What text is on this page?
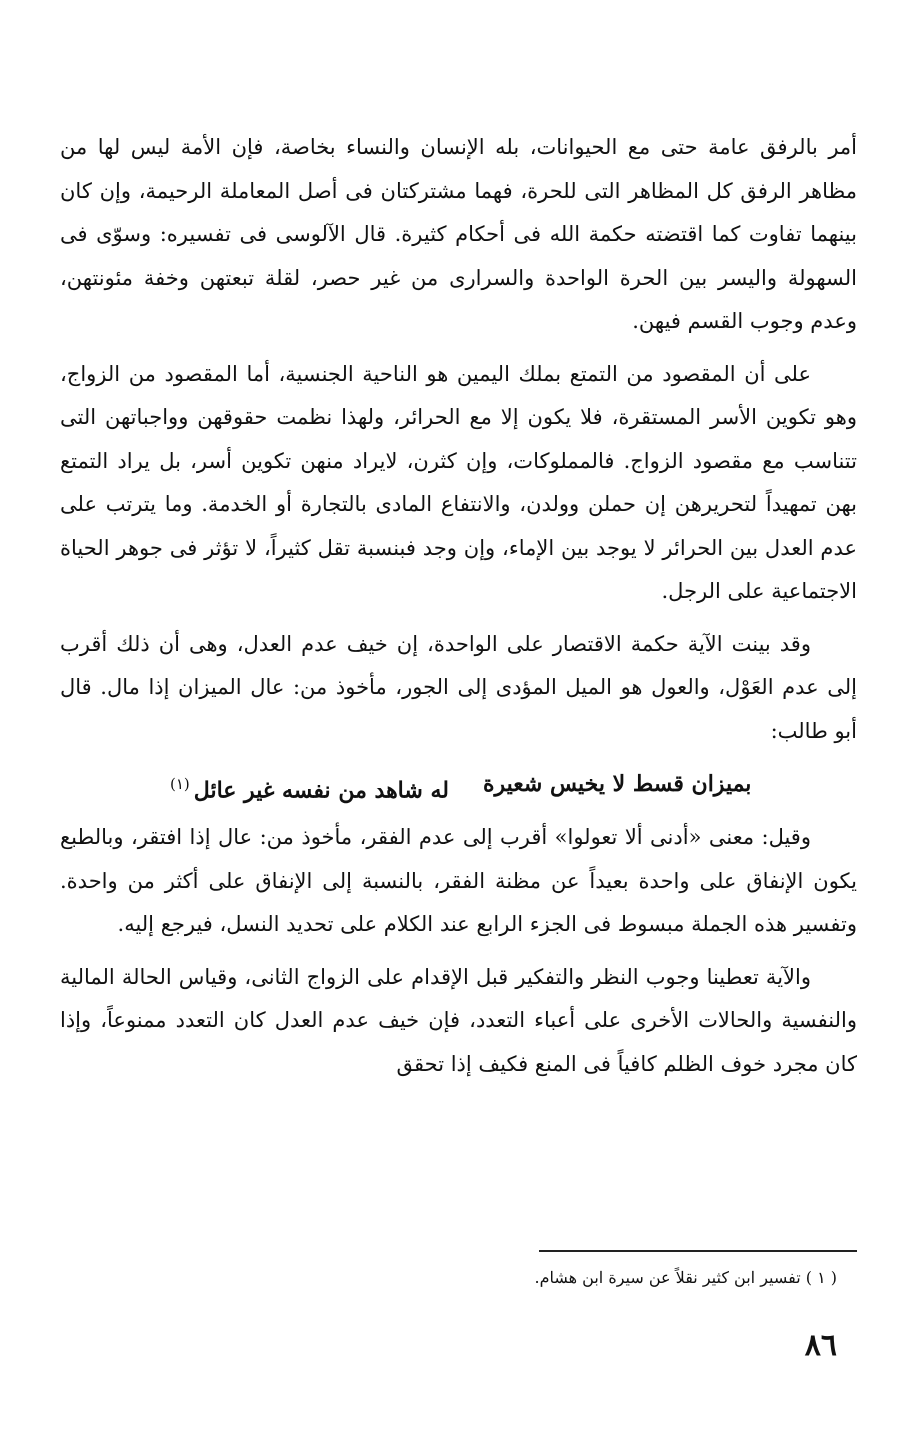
أمر بالرفق عامة حتى مع الحيوانات، بله الإنسان والنساء بخاصة، فإن الأمة ليس لها من مظاهر الرفق كل المظاهر التى للحرة، فهما مشتركتان فى أصل المعاملة الرحيمة، وإن كان بينهما تفاوت كما اقتضته حكمة الله فى أحكام كثيرة. قال الآلوسى فى تفسيره: وسوّى فى السهولة واليسر بين الحرة الواحدة والسرارى من غير حصر، لقلة تبعتهن وخفة مئونتهن، وعدم وجوب القسم فيهن.

على أن المقصود من التمتع بملك اليمين هو الناحية الجنسية، أما المقصود من الزواج، وهو تكوين الأسر المستقرة، فلا يكون إلا مع الحرائر، ولهذا نظمت حقوقهن وواجباتهن التى تتناسب مع مقصود الزواج. فالمملوكات، وإن كثرن، لايراد منهن تكوين أسر، بل يراد التمتع بهن تمهيداً لتحريرهن إن حملن وولدن، والانتفاع المادى بالتجارة أو الخدمة. وما يترتب على عدم العدل بين الحرائر لا يوجد بين الإماء، وإن وجد فبنسبة تقل كثيراً، لا تؤثر فى جوهر الحياة الاجتماعية على الرجل.

وقد بينت الآية حكمة الاقتصار على الواحدة، إن خيف عدم العدل، وهى أن ذلك أقرب إلى عدم العَوْل، والعول هو الميل المؤدى إلى الجور، مأخوذ من: عال الميزان إذا مال. قال أبو طالب:

بميزان قسط لا يخيس شعيرة
له شاهد من نفسه غير عائل$^{(١)}$

وقيل: معنى «أدنى ألا تعولوا» أقرب إلى عدم الفقر، مأخوذ من: عال إذا افتقر، وبالطبع يكون الإنفاق على واحدة بعيداً عن مظنة الفقر، بالنسبة إلى الإنفاق على أكثر من واحدة. وتفسير هذه الجملة مبسوط فى الجزء الرابع عند الكلام على تحديد النسل، فيرجع إليه.

والآية تعطينا وجوب النظر والتفكير قبل الإقدام على الزواج الثانى، وقياس الحالة المالية والنفسية والحالات الأخرى على أعباء التعدد، فإن خيف عدم العدل كان التعدد ممنوعاً، وإذا كان مجرد خوف الظلم كافياً فى المنع فكيف إذا تحقق

( ١ ) تفسير ابن كثير نقلاً عن سيرة ابن هشام.
٨٦
